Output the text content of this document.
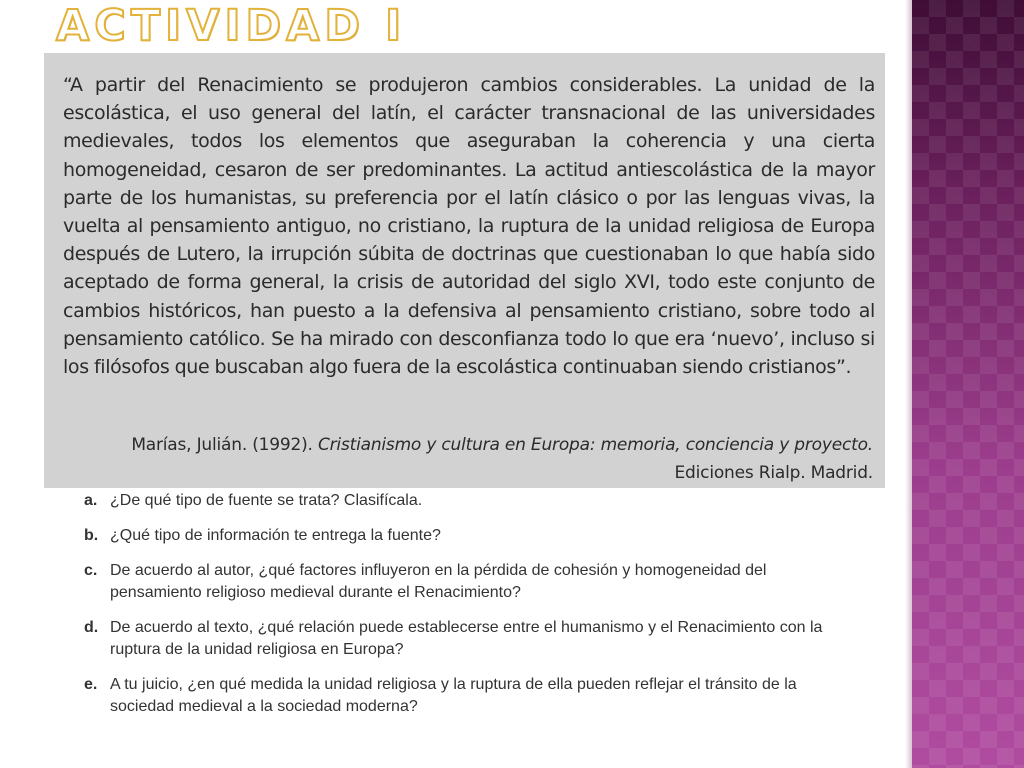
ACTIVIDAD I

“A partir del Renacimiento se produjeron cambios considerables. La unidad de la escolástica, el uso general del latín, el carácter transnacional de las universidades medievales, todos los elementos que aseguraban la coherencia y una cierta homogeneidad, cesaron de ser predominantes. La actitud antiescolástica de la mayor parte de los humanistas, su preferencia por el latín clásico o por las lenguas vivas, la vuelta al pensamiento antiguo, no cristiano, la ruptura de la unidad religiosa de Europa después de Lutero, la irrupción súbita de doctrinas que cuestionaban lo que había sido aceptado de forma general, la crisis de autoridad del siglo XVI, todo este conjunto de cambios históricos, han puesto a la defensiva al pensamiento cristiano, sobre todo al pensamiento católico. Se ha mirado con desconfianza todo lo que era ‘nuevo’, incluso si los filósofos que buscaban algo fuera de la escolástica continuaban siendo cristianos”.

Marías, Julián. (1992). Cristianismo y cultura en Europa: memoria, conciencia y proyecto.
Ediciones Rialp. Madrid.
a. ¿De qué tipo de fuente se trata? Clasifícala.
b. ¿Qué tipo de información te entrega la fuente?
c. De acuerdo al autor, ¿qué factores influyeron en la pérdida de cohesión y homogeneidad del pensamiento religioso medieval durante el Renacimiento?
d. De acuerdo al texto, ¿qué relación puede establecerse entre el humanismo y el Renacimiento con la ruptura de la unidad religiosa en Europa?
e. A tu juicio, ¿en qué medida la unidad religiosa y la ruptura de ella pueden reflejar el tránsito de la sociedad medieval a la sociedad moderna?
